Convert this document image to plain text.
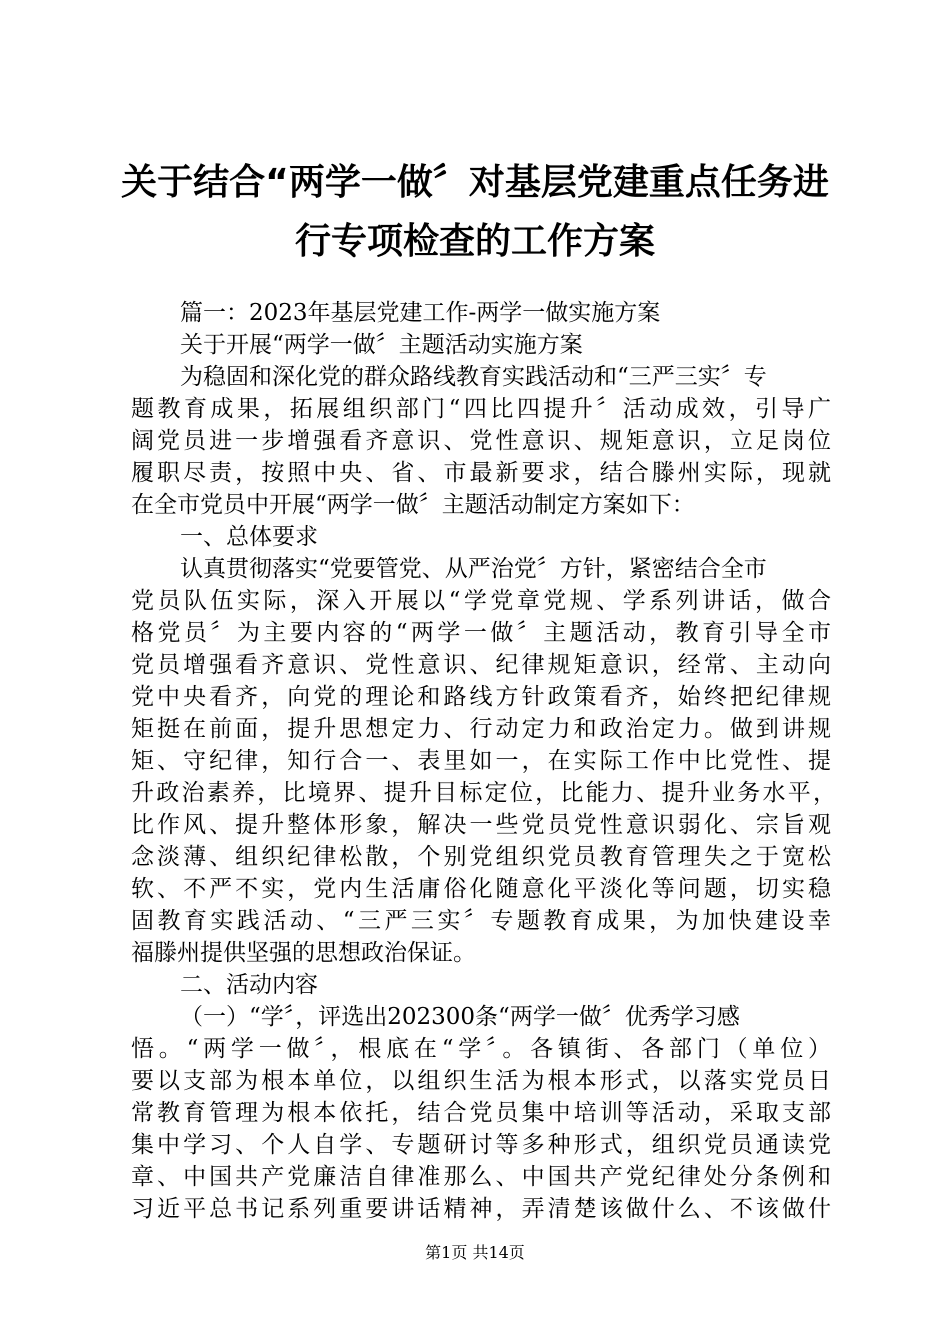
关于结合“两学一做〞对基层党建重点任务进
行专项检查的工作方案
篇一：2023年基层党建工作-两学一做实施方案
关于开展“两学一做〞主题活动实施方案
为稳固和深化党的群众路线教育实践活动和“三严三实〞专
题教育成果，拓展组织部门“四比四提升〞活动成效，引导广
阔党员进一步增强看齐意识、党性意识、规矩意识，立足岗位
履职尽责，按照中央、省、市最新要求，结合滕州实际，现就
在全市党员中开展“两学一做〞主题活动制定方案如下：
一、总体要求
认真贯彻落实“党要管党、从严治党〞方针，紧密结合全市
党员队伍实际，深入开展以“学党章党规、学系列讲话，做合
格党员〞为主要内容的“两学一做〞主题活动，教育引导全市
党员增强看齐意识、党性意识、纪律规矩意识，经常、主动向
党中央看齐，向党的理论和路线方针政策看齐，始终把纪律规
矩挺在前面，提升思想定力、行动定力和政治定力。做到讲规
矩、守纪律，知行合一、表里如一，在实际工作中比党性、提
升政治素养，比境界、提升目标定位，比能力、提升业务水平，
比作风、提升整体形象，解决一些党员党性意识弱化、宗旨观
念淡薄、组织纪律松散，个别党组织党员教育管理失之于宽松
软、不严不实，党内生活庸俗化随意化平淡化等问题，切实稳
固教育实践活动、“三严三实〞专题教育成果，为加快建设幸
福滕州提供坚强的思想政治保证。
二、活动内容
（一）“学〞，评选出202300条“两学一做〞优秀学习感
悟。“两学一做〞，根底在“学〞。各镇街、各部门（单位）
要以支部为根本单位，以组织生活为根本形式，以落实党员日
常教育管理为根本依托，结合党员集中培训等活动，采取支部
集中学习、个人自学、专题研讨等多种形式，组织党员通读党
章、中国共产党廉洁自律准那么、中国共产党纪律处分条例和
习近平总书记系列重要讲话精神，弄清楚该做什么、不该做什
第1页 共14页
